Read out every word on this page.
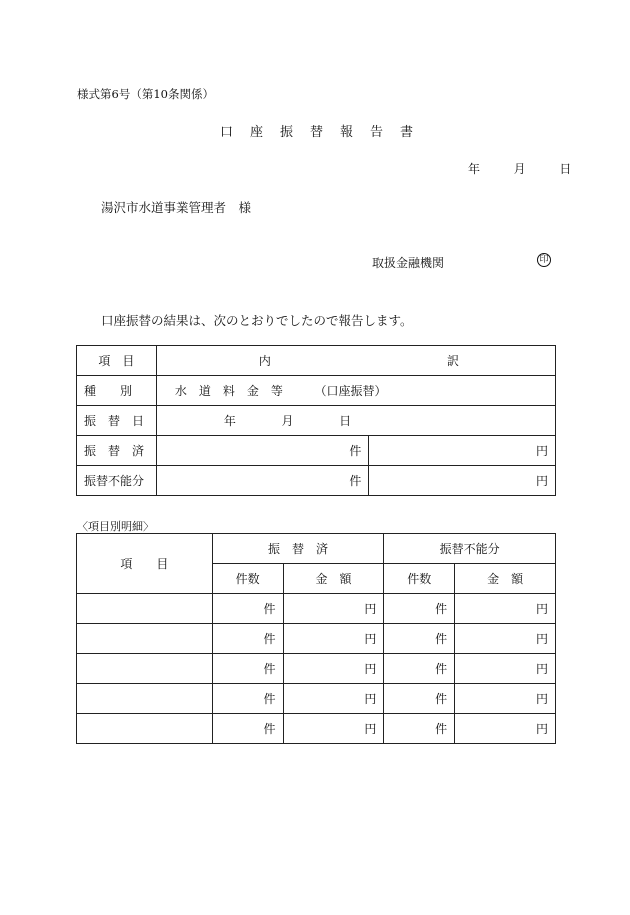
様式第6号（第10条関係）
口座振替報告書
年	月	日
湯沢市水道事業管理者　様
取扱金融機関	印
口座振替の結果は、次のとおりでしたので報告します。
項　目	内 訳	

種　　別	水　道　料　金　等 （口座振替）	
振　替　日	年 月 日	
振　替　済	件	円
振替不能分	件	円
〈項目別明細〉
項　　目	振　替　済		振替不能分	
	件数	金　額	件数	金　額
	件	円	件	円
	件	円	件	円
	件	円	件	円
	件	円	件	円
	件	円	件	円
